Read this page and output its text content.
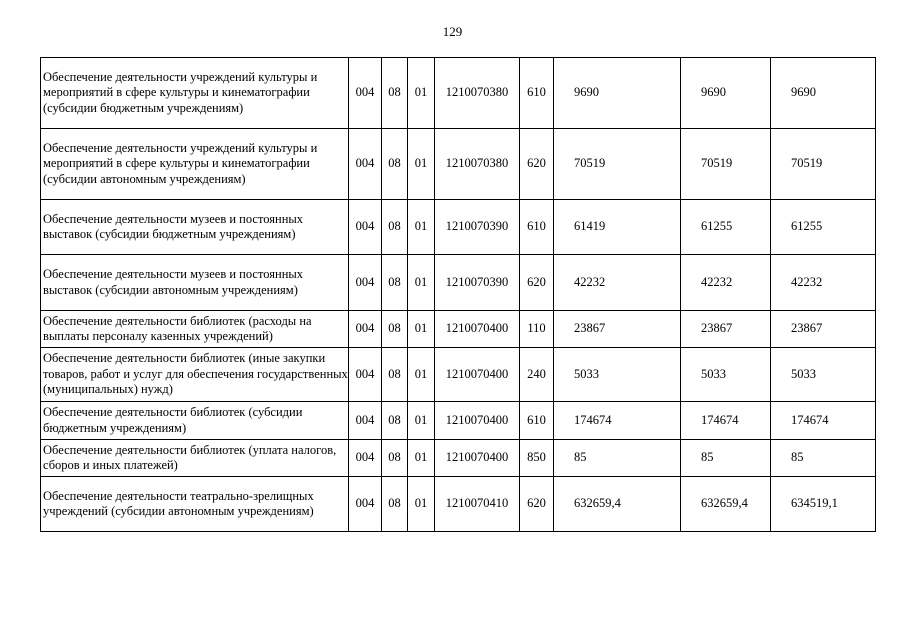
129
Обеспечение деятельности учреждений культуры и мероприятий в сфере культуры и кинематографии (субсидии бюджетным учреждениям)	004	08	01	1210070380	610	9690	9690	9690
Обеспечение деятельности учреждений культуры и мероприятий в сфере культуры и кинематографии (субсидии автономным учреждениям)	004	08	01	1210070380	620	70519	70519	70519
Обеспечение деятельности музеев и постоянных выставок (субсидии бюджетным учреждениям)	004	08	01	1210070390	610	61419	61255	61255
Обеспечение деятельности музеев и постоянных выставок (субсидии автономным учреждениям)	004	08	01	1210070390	620	42232	42232	42232
Обеспечение деятельности библиотек (расходы на выплаты персоналу казенных учреждений)	004	08	01	1210070400	110	23867	23867	23867
Обеспечение деятельности библиотек (иные закупки товаров, работ и услуг для обеспечения государственных (муниципальных) нужд)	004	08	01	1210070400	240	5033	5033	5033
Обеспечение деятельности библиотек (субсидии бюджетным учреждениям)	004	08	01	1210070400	610	174674	174674	174674
Обеспечение деятельности библиотек (уплата налогов, сборов и иных платежей)	004	08	01	1210070400	850	85	85	85
Обеспечение деятельности театрально-зрелищных учреждений (субсидии автономным учреждениям)	004	08	01	1210070410	620	632659,4	632659,4	634519,1
